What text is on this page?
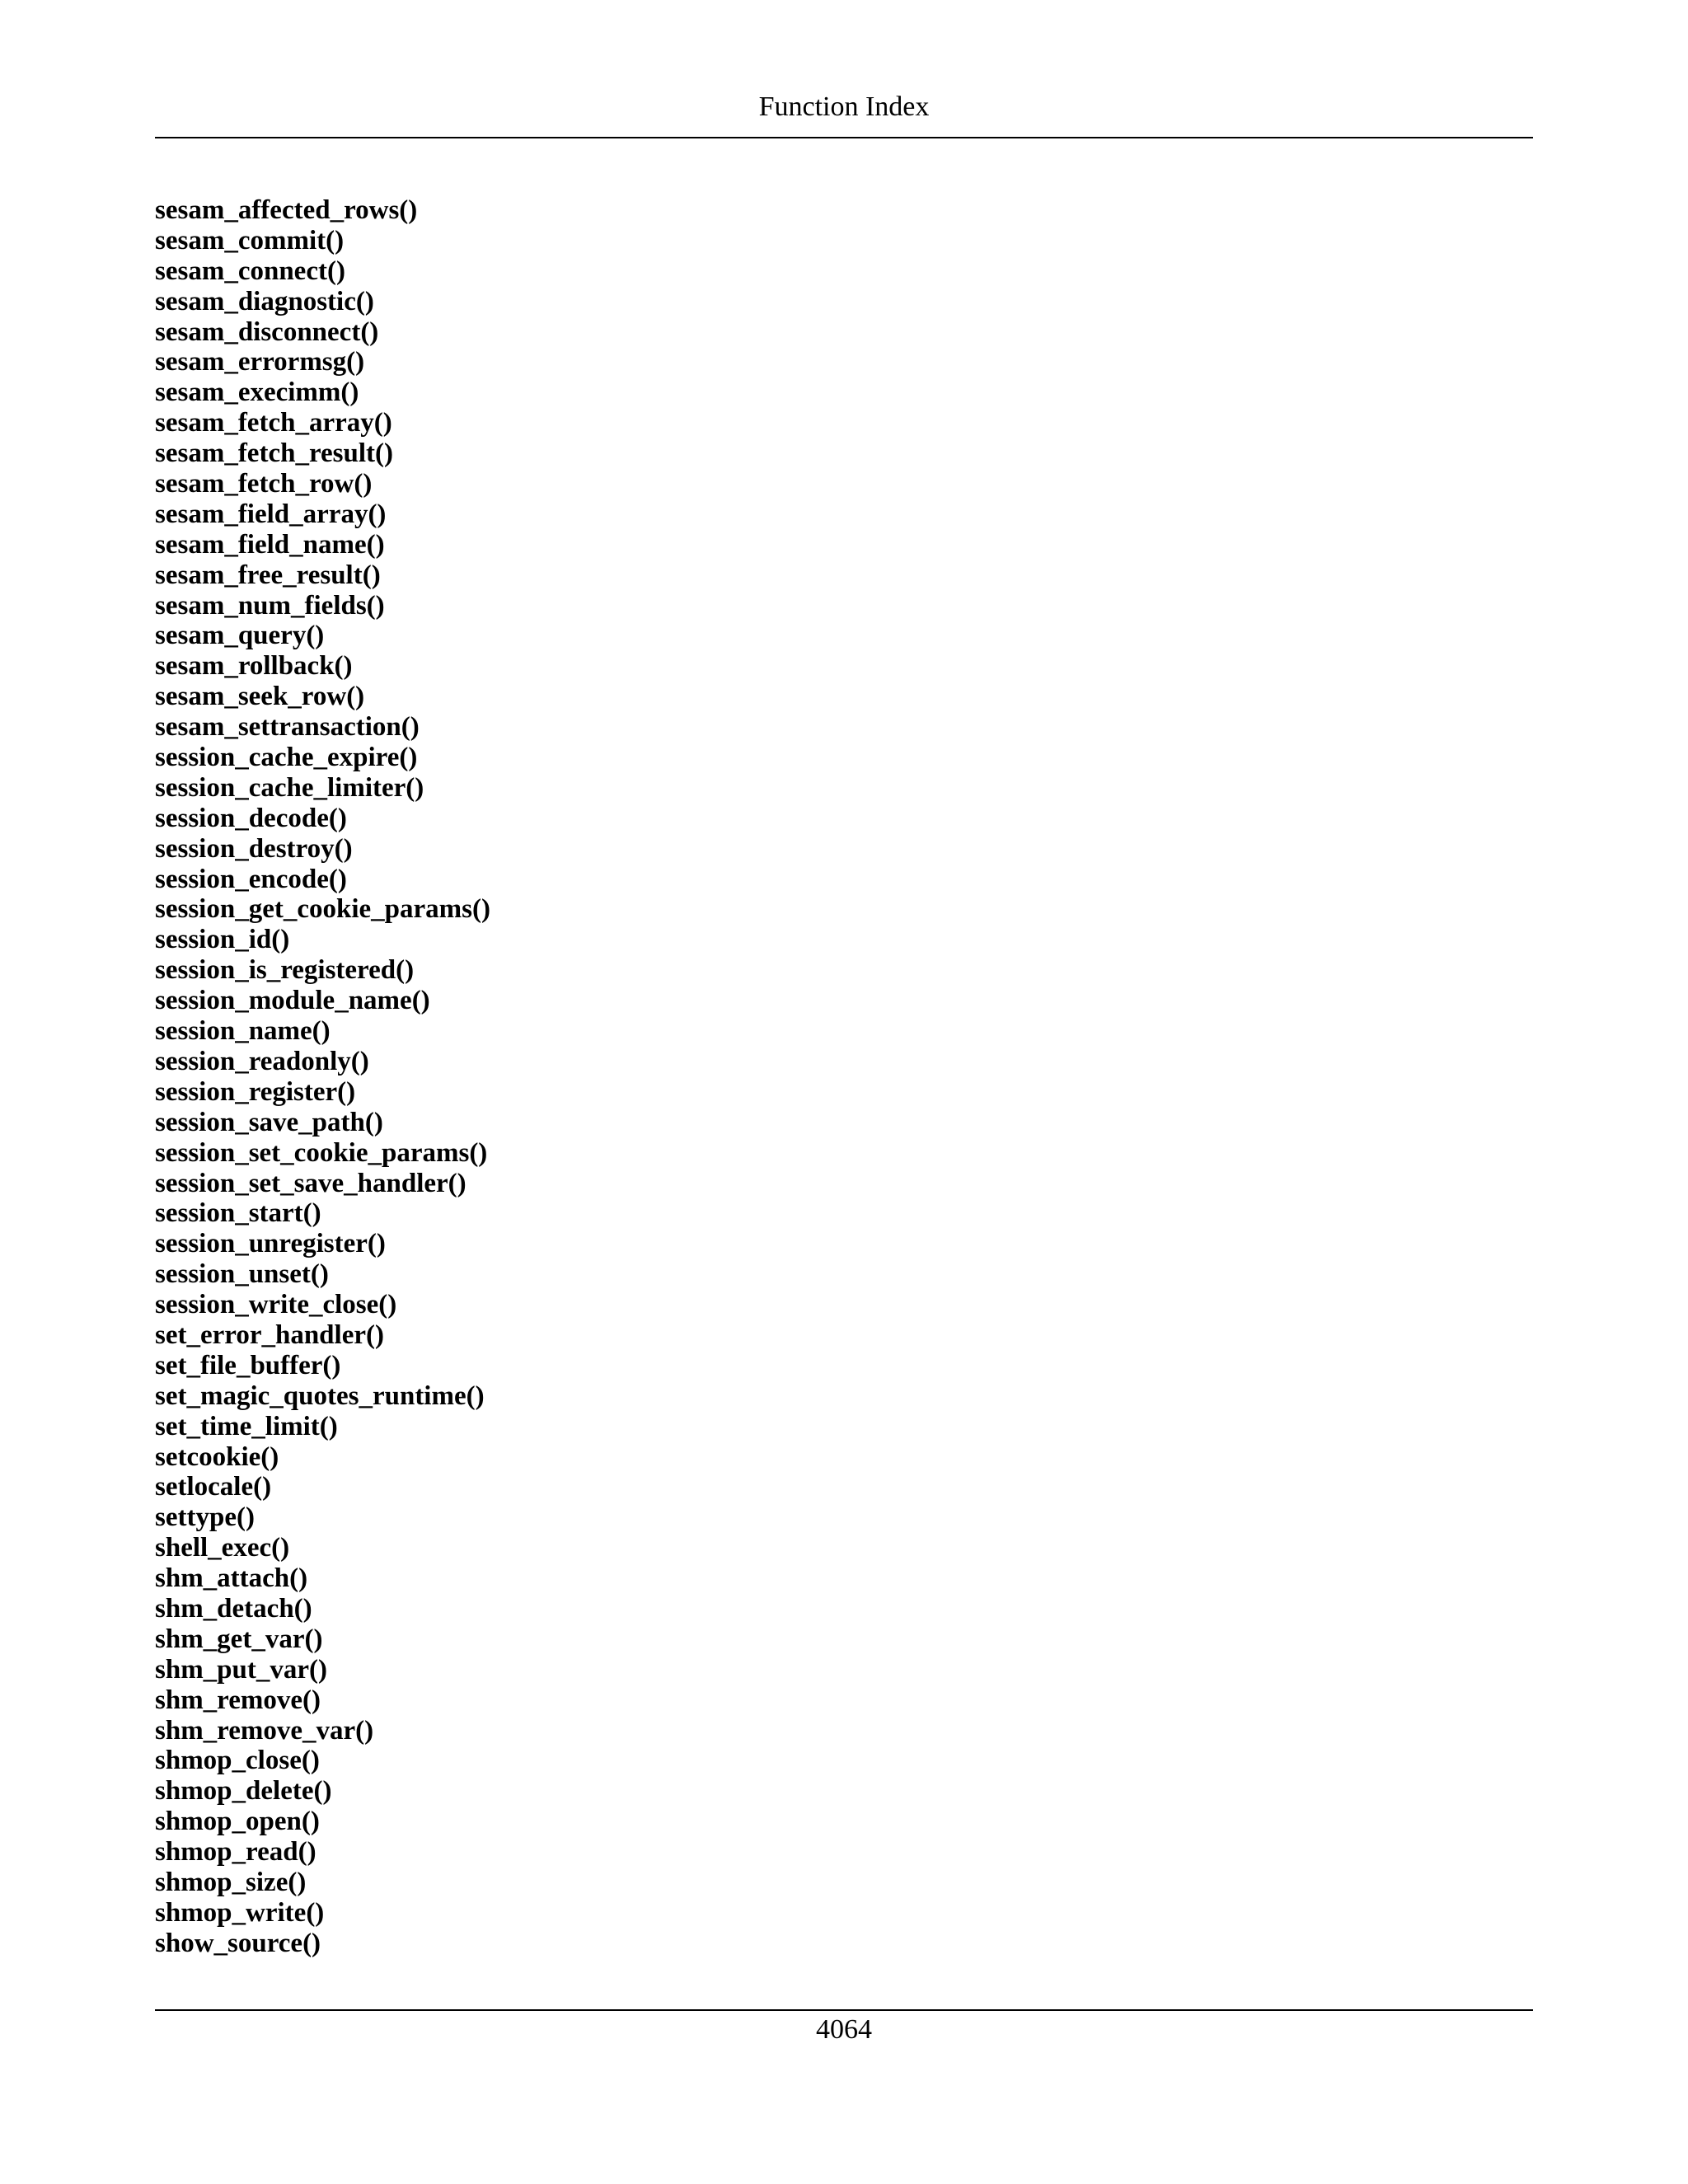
Function Index
sesam_affected_rows()
sesam_commit()
sesam_connect()
sesam_diagnostic()
sesam_disconnect()
sesam_errormsg()
sesam_execimm()
sesam_fetch_array()
sesam_fetch_result()
sesam_fetch_row()
sesam_field_array()
sesam_field_name()
sesam_free_result()
sesam_num_fields()
sesam_query()
sesam_rollback()
sesam_seek_row()
sesam_settransaction()
session_cache_expire()
session_cache_limiter()
session_decode()
session_destroy()
session_encode()
session_get_cookie_params()
session_id()
session_is_registered()
session_module_name()
session_name()
session_readonly()
session_register()
session_save_path()
session_set_cookie_params()
session_set_save_handler()
session_start()
session_unregister()
session_unset()
session_write_close()
set_error_handler()
set_file_buffer()
set_magic_quotes_runtime()
set_time_limit()
setcookie()
setlocale()
settype()
shell_exec()
shm_attach()
shm_detach()
shm_get_var()
shm_put_var()
shm_remove()
shm_remove_var()
shmop_close()
shmop_delete()
shmop_open()
shmop_read()
shmop_size()
shmop_write()
show_source()
4064
